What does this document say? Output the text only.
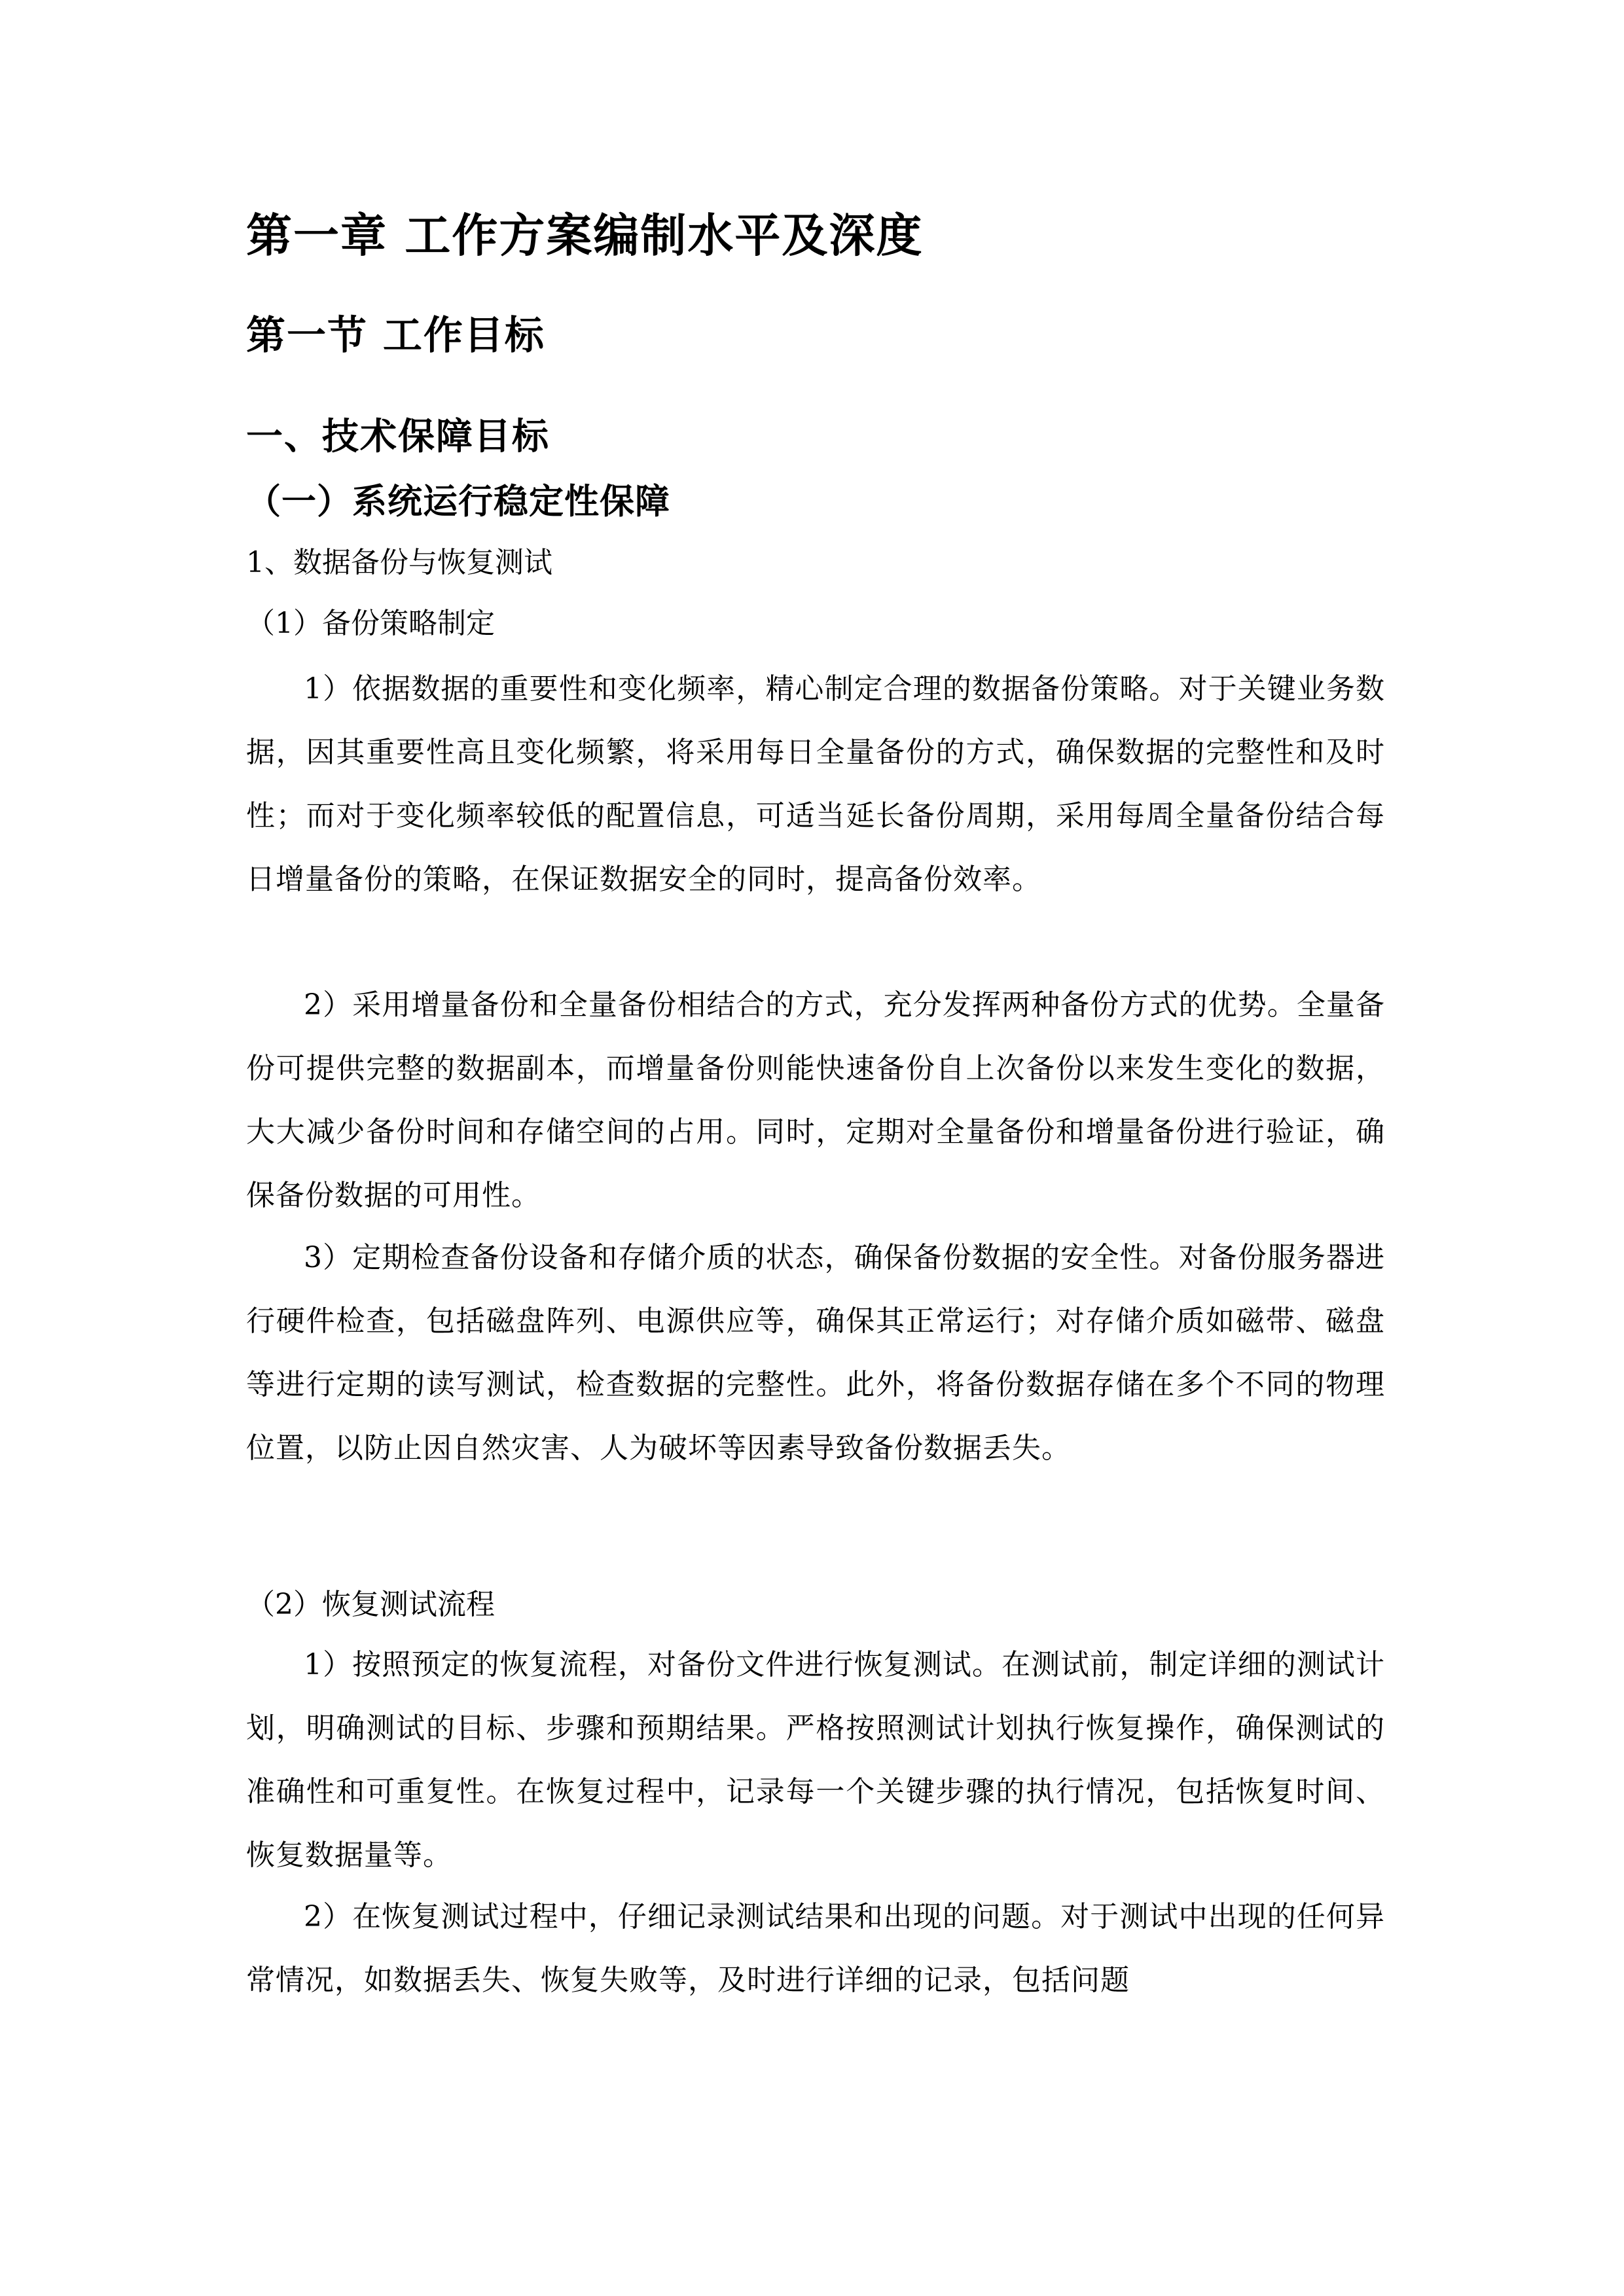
第一章 工作方案编制水平及深度
第一节 工作目标
一、技术保障目标
（一）系统运行稳定性保障
1、数据备份与恢复测试
（1）备份策略制定

1）依据数据的重要性和变化频率，精心制定合理的数据备份策略。对于关键业务数据，因其重要性高且变化频繁，将采用每日全量备份的方式，确保数据的完整性和及时性；而对于变化频率较低的配置信息，可适当延长备份周期，采用每周全量备份结合每日增量备份的策略，在保证数据安全的同时，提高备份效率。

2）采用增量备份和全量备份相结合的方式，充分发挥两种备份方式的优势。全量备份可提供完整的数据副本，而增量备份则能快速备份自上次备份以来发生变化的数据，大大减少备份时间和存储空间的占用。同时，定期对全量备份和增量备份进行验证，确保备份数据的可用性。

3）定期检查备份设备和存储介质的状态，确保备份数据的安全性。对备份服务器进行硬件检查，包括磁盘阵列、电源供应等，确保其正常运行；对存储介质如磁带、磁盘等进行定期的读写测试，检查数据的完整性。此外，将备份数据存储在多个不同的物理位置，以防止因自然灾害、人为破坏等因素导致备份数据丢失。

（2）恢复测试流程

1）按照预定的恢复流程，对备份文件进行恢复测试。在测试前，制定详细的测试计划，明确测试的目标、步骤和预期结果。严格按照测试计划执行恢复操作，确保测试的准确性和可重复性。在恢复过程中，记录每一个关键步骤的执行情况，包括恢复时间、恢复数据量等。

2）在恢复测试过程中，仔细记录测试结果和出现的问题。对于测试中出现的任何异常情况，如数据丢失、恢复失败等，及时进行详细的记录，包括问题
